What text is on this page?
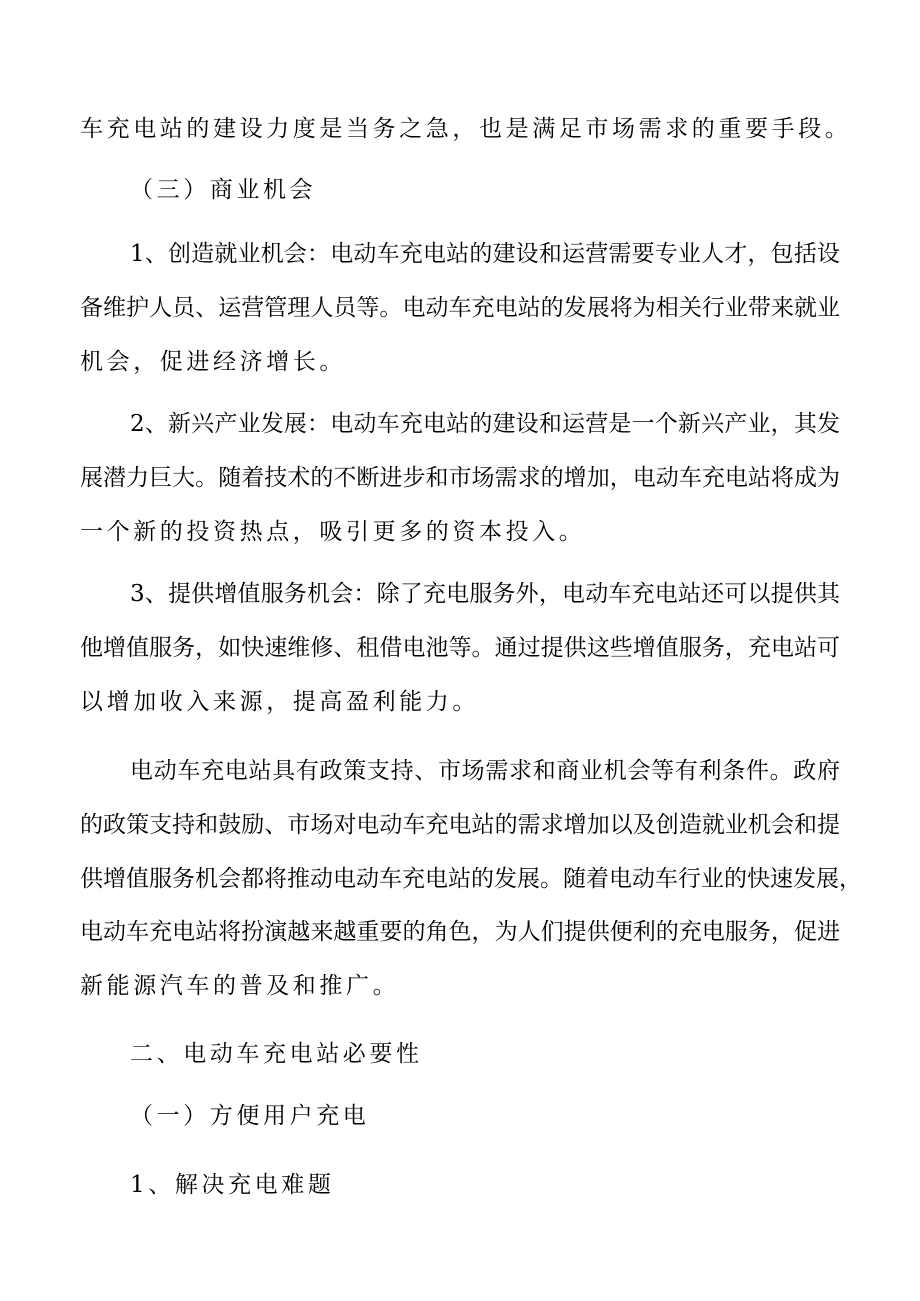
车充电站的建设力度是当务之急，也是满足市场需求的重要手段。
（三）商业机会
1、创造就业机会：电动车充电站的建设和运营需要专业人才，包括设
备维护人员、运营管理人员等。电动车充电站的发展将为相关行业带来就业
机会，促进经济增长。
2、新兴产业发展：电动车充电站的建设和运营是一个新兴产业，其发
展潜力巨大。随着技术的不断进步和市场需求的增加，电动车充电站将成为
一个新的投资热点，吸引更多的资本投入。
3、提供增值服务机会：除了充电服务外，电动车充电站还可以提供其
他增值服务，如快速维修、租借电池等。通过提供这些增值服务，充电站可
以增加收入来源，提高盈利能力。
电动车充电站具有政策支持、市场需求和商业机会等有利条件。政府
的政策支持和鼓励、市场对电动车充电站的需求增加以及创造就业机会和提
供增值服务机会都将推动电动车充电站的发展。随着电动车行业的快速发展，
电动车充电站将扮演越来越重要的角色，为人们提供便利的充电服务，促进
新能源汽车的普及和推广。
二、电动车充电站必要性
（一）方便用户充电
1、解决充电难题
